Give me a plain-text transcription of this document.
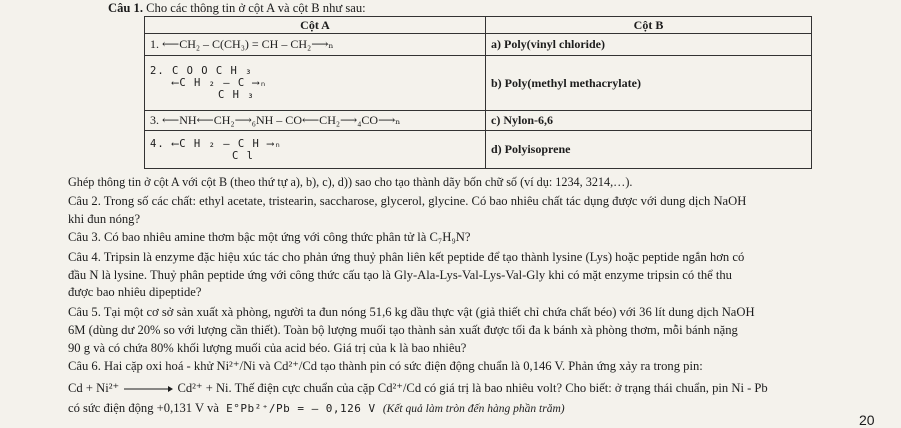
Câu 1. Cho các thông tin ở cột A và cột B như sau:
Cột A	Cột B
1. ⟵CH₂ – C(CH₃) = CH – CH₂⟶ₙ	a) Poly(vinyl chloride)

2. C O O C H ₃
⟵C H ₂ – C ⟶ₙ
C H ₃	b) Poly(methyl methacrylate)
3. ⟵NH⟵CH₂⟶₆NH – CO⟵CH₂⟶₄CO⟶ₙ	c) Nylon-6,6

4. ⟵C H ₂ – C H ⟶ₙ
C l	d) Polyisoprene
Ghép thông tin ở cột A với cột B (theo thứ tự a), b), c), d)) sao cho tạo thành dãy bốn chữ số (ví dụ: 1234, 3214,…).
Câu 2. Trong số các chất: ethyl acetate, tristearin, saccharose, glycerol, glycine. Có bao nhiêu chất tác dụng được với dung dịch NaOH
khi đun nóng?
Câu 3. Có bao nhiêu amine thơm bậc một ứng với công thức phân tử là C₇H₉N?
Câu 4. Tripsin là enzyme đặc hiệu xúc tác cho phản ứng thuỷ phân liên kết peptide để tạo thành lysine (Lys) hoặc peptide ngắn hơn có
đầu N là lysine. Thuỷ phân peptide ứng với công thức cấu tạo là Gly-Ala-Lys-Val-Lys-Val-Gly khi có mặt enzyme tripsin có thể thu
được bao nhiêu dipeptide?
Câu 5. Tại một cơ sở sản xuất xà phòng, người ta đun nóng 51,6 kg dầu thực vật (giả thiết chỉ chứa chất béo) với 36 lít dung dịch NaOH
6M (dùng dư 20% so với lượng cần thiết). Toàn bộ lượng muối tạo thành sản xuất được tối đa k bánh xà phòng thơm, mỗi bánh nặng
90 g và có chứa 80% khối lượng muối của acid béo. Giá trị của k là bao nhiêu?
Câu 6. Hai cặp oxi hoá - khử Ni²⁺/Ni và Cd²⁺/Cd tạo thành pin có sức điện động chuẩn là 0,146 V. Phản ứng xảy ra trong pin:
Cd + Ni²⁺	Cd²⁺ + Ni. Thế điện cực chuẩn của cặp Cd²⁺/Cd có giá trị là bao nhiêu volt? Cho biết: ở trạng thái chuẩn, pin Ni - Pb
có sức điện động +0,131 V và E°Pb²⁺/Pb = – 0,126 V (Kết quả làm tròn đến hàng phần trăm)
20
